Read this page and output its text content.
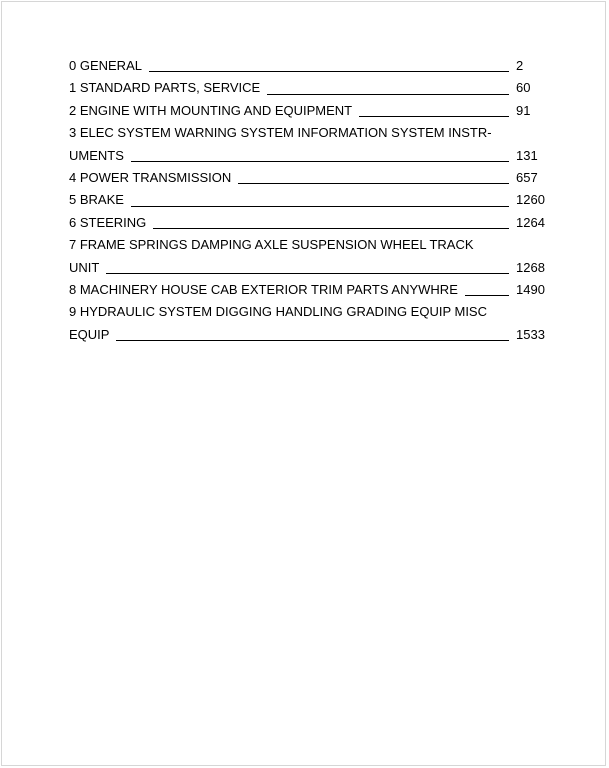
0 GENERAL	2
1 STANDARD PARTS, SERVICE	60
2 ENGINE WITH MOUNTING AND EQUIPMENT	91
3 ELEC SYSTEM WARNING SYSTEM INFORMATION SYSTEM INSTR-
UMENTS	131
4 POWER TRANSMISSION	657
5 BRAKE	1260
6 STEERING	1264
7 FRAME SPRINGS DAMPING AXLE SUSPENSION WHEEL TRACK
UNIT	1268
8 MACHINERY HOUSE CAB EXTERIOR TRIM PARTS ANYWHRE	1490
9 HYDRAULIC SYSTEM DIGGING HANDLING GRADING EQUIP MISC
EQUIP	1533
